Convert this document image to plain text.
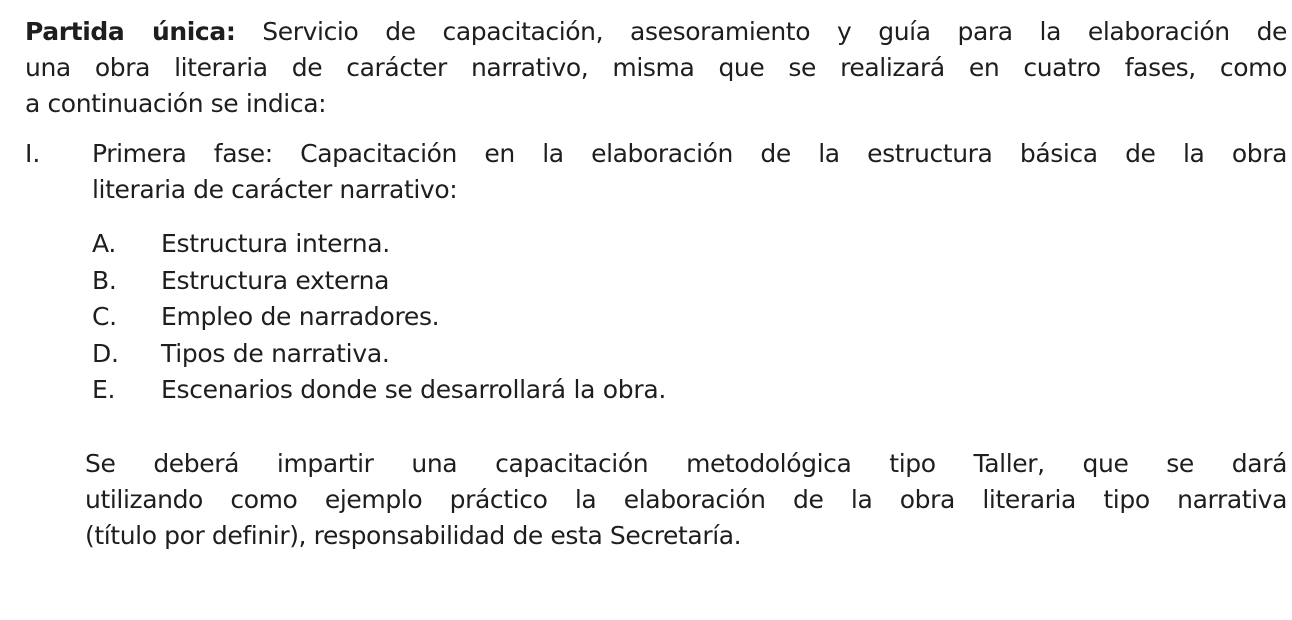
Partida única: Servicio de capacitación, asesoramiento y guía para la elaboración de
una obra literaria de carácter narrativo, misma que se realizará en cuatro fases, como
a continuación se indica:

I. Primera fase: Capacitación en la elaboración de la estructura básica de la obra
literaria de carácter narrativo:

A. Estructura interna.
B. Estructura externa
C. Empleo de narradores.
D. Tipos de narrativa.
E. Escenarios donde se desarrollará la obra.

Se deberá impartir una capacitación metodológica tipo Taller, que se dará
utilizando como ejemplo práctico la elaboración de la obra literaria tipo narrativa
(título por definir), responsabilidad de esta Secretaría.
